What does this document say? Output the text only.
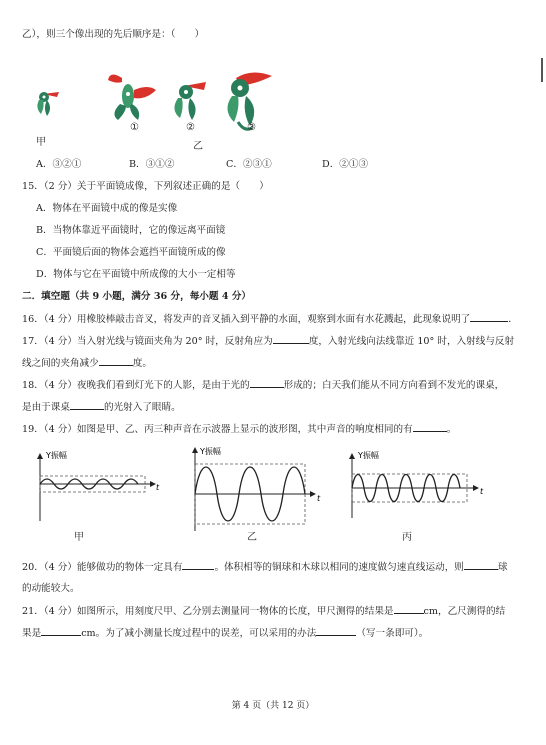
乙），则三个像出现的先后顺序是：（　　）
甲
①	②	③
乙
A．③②①	B．③①②	C．②③①	D．②①③
15．（2 分）关于平面镜成像，下列叙述正确的是（　　）
A．物体在平面镜中成的像是实像
B．当物体靠近平面镜时，它的像远离平面镜
C．平面镜后面的物体会遮挡平面镜所成的像
D．物体与它在平面镜中所成像的大小一定相等
二．填空题（共 9 小题，满分 36 分，每小题 4 分）
16．（4 分）用橡胶棒敲击音叉，将发声的音叉插入到平静的水面，观察到水面有水花溅起，此现象说明了	．
17．（4 分）当入射光线与镜面夹角为 20° 时，反射角应为	度，入射光线向法线靠近 10° 时，入射线与反射
线之间的夹角减少	度。
18．（4 分）夜晚我们看到灯光下的人影，是由于光的	形成的；白天我们能从不同方向看到不发光的课桌，
是由于课桌	的光射入了眼睛。
19．（4 分）如图是甲、乙、丙三种声音在示波器上显示的波形图，其中声音的响度相同的有	。
Y振幅
t
Y振幅
t
Y振幅
t
甲	乙	丙
20．（4 分）能够做功的物体一定具有	。体积相等的铜球和木球以相同的速度做匀速直线运动，则	球
的动能较大。
21．（4 分）如图所示，用刻度尺甲、乙分别去测量同一物体的长度，甲尺测得的结果是	cm，乙尺测得的结
果是	cm。为了减小测量长度过程中的误差，可以采用的办法	（写一条即可）。
第 4 页（共 12 页）
